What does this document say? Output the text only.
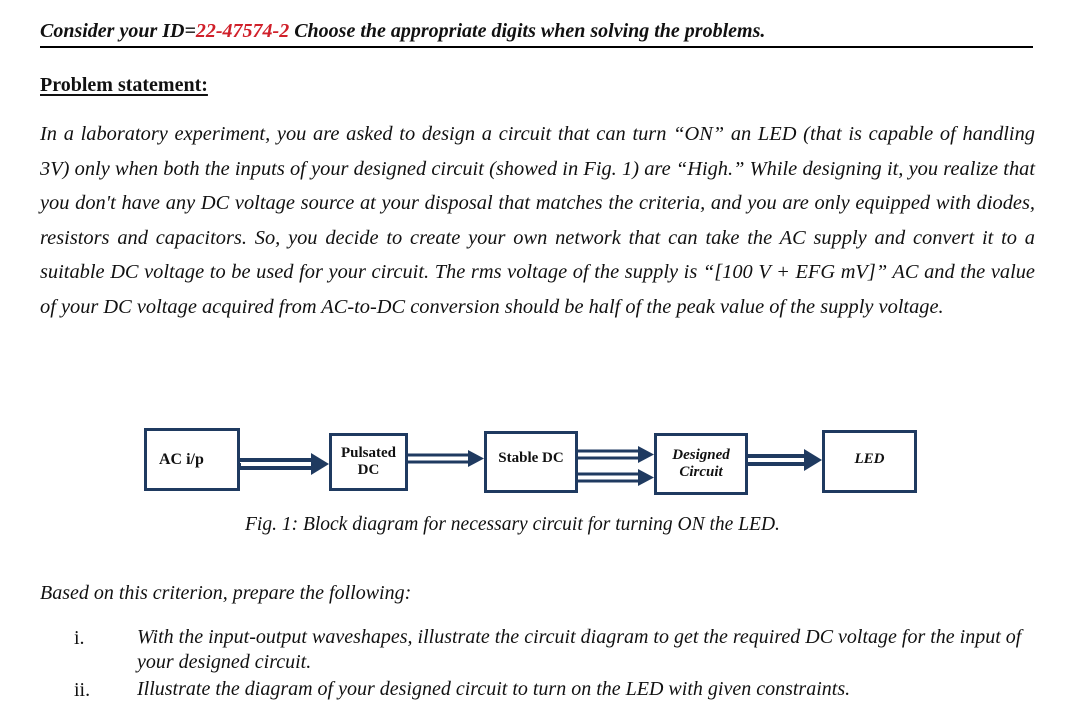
Consider your ID=22-47574-2 Choose the appropriate digits when solving the problems.
Problem statement:
In a laboratory experiment, you are asked to design a circuit that can turn “ON” an LED (that is capable of handling 3V) only when both the inputs of your designed circuit (showed in Fig. 1) are “High.” While designing it, you realize that you don't have any DC voltage source at your disposal that matches the criteria, and you are only equipped with diodes, resistors and capacitors. So, you decide to create your own network that can take the AC supply and convert it to a suitable DC voltage to be used for your circuit. The rms voltage of the supply is “[100 V + EFG mV]” AC and the value of your DC voltage acquired from AC-to-DC conversion should be half of the peak value of the supply voltage.
AC i/p	Pulsated DC
Stable DC	Designed Circuit
LED
Fig. 1: Block diagram for necessary circuit for turning ON the LED.
Based on this criterion, prepare the following:
i.	With the input-output waveshapes, illustrate the circuit diagram to get the required DC voltage for the input of your designed circuit.
ii. Illustrate the diagram of your designed circuit to turn on the LED with given constraints.
